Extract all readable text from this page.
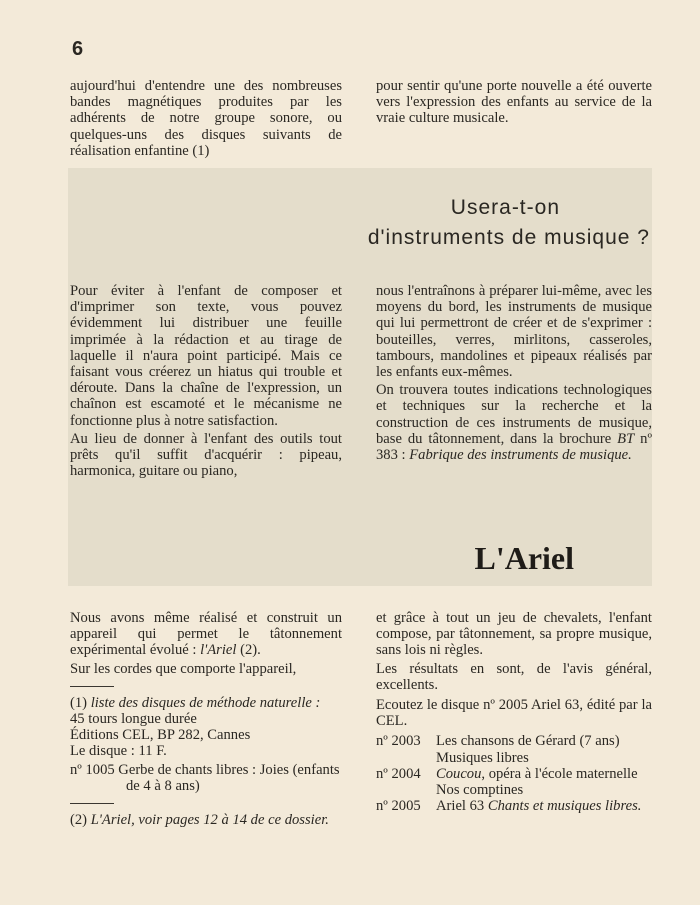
6

aujourd'hui d'entendre une des nombreuses bandes magnétiques produites par les adhérents de notre groupe sonore, ou quelques-uns des disques suivants de réalisation enfantine (1)

pour sentir qu'une porte nouvelle a été ouverte vers l'expression des enfants au service de la vraie culture musicale.

Usera-t-on
d'instruments de musique ?

Pour éviter à l'enfant de composer et d'imprimer son texte, vous pouvez évidemment lui distribuer une feuille imprimée à la rédaction et au tirage de laquelle il n'aura point participé. Mais ce faisant vous créerez un hiatus qui trouble et déroute. Dans la chaîne de l'expression, un chaînon est escamoté et le mécanisme ne fonctionne plus à notre satisfaction.

Au lieu de donner à l'enfant des outils tout prêts qu'il suffit d'acquérir : pipeau, harmonica, guitare ou piano,

nous l'entraînons à préparer lui-même, avec les moyens du bord, les instruments de musique qui lui permettront de créer et de s'exprimer : bouteilles, verres, mirlitons, casseroles, tambours, mandolines et pipeaux réalisés par les enfants eux-mêmes.

On trouvera toutes indications technologiques et techniques sur la recherche et la construction de ces instruments de musique, base du tâtonnement, dans la brochure BT nº 383 : Fabrique des instruments de musique.

L'Ariel

Nous avons même réalisé et construit un appareil qui permet le tâtonnement expérimental évolué : l'Ariel (2).

Sur les cordes que comporte l'appareil,

(1) liste des disques de méthode naturelle :

45 tours longue durée

Éditions CEL, BP 282, Cannes

Le disque : 11 F.

nº 1005 Gerbe de chants libres : Joies (enfants de 4 à 8 ans)

(2) L'Ariel, voir pages 12 à 14 de ce dossier.

et grâce à tout un jeu de chevalets, l'enfant compose, par tâtonnement, sa propre musique, sans lois ni règles.

Les résultats en sont, de l'avis général, excellents.

Ecoutez le disque nº 2005 Ariel 63, édité par la CEL.

nº 2003	Les chansons de Gérard (7 ans)
Musiques libres
nº 2004	Coucou, opéra à l'école maternelle
Nos comptines
nº 2005	Ariel 63 Chants et musiques libres.
